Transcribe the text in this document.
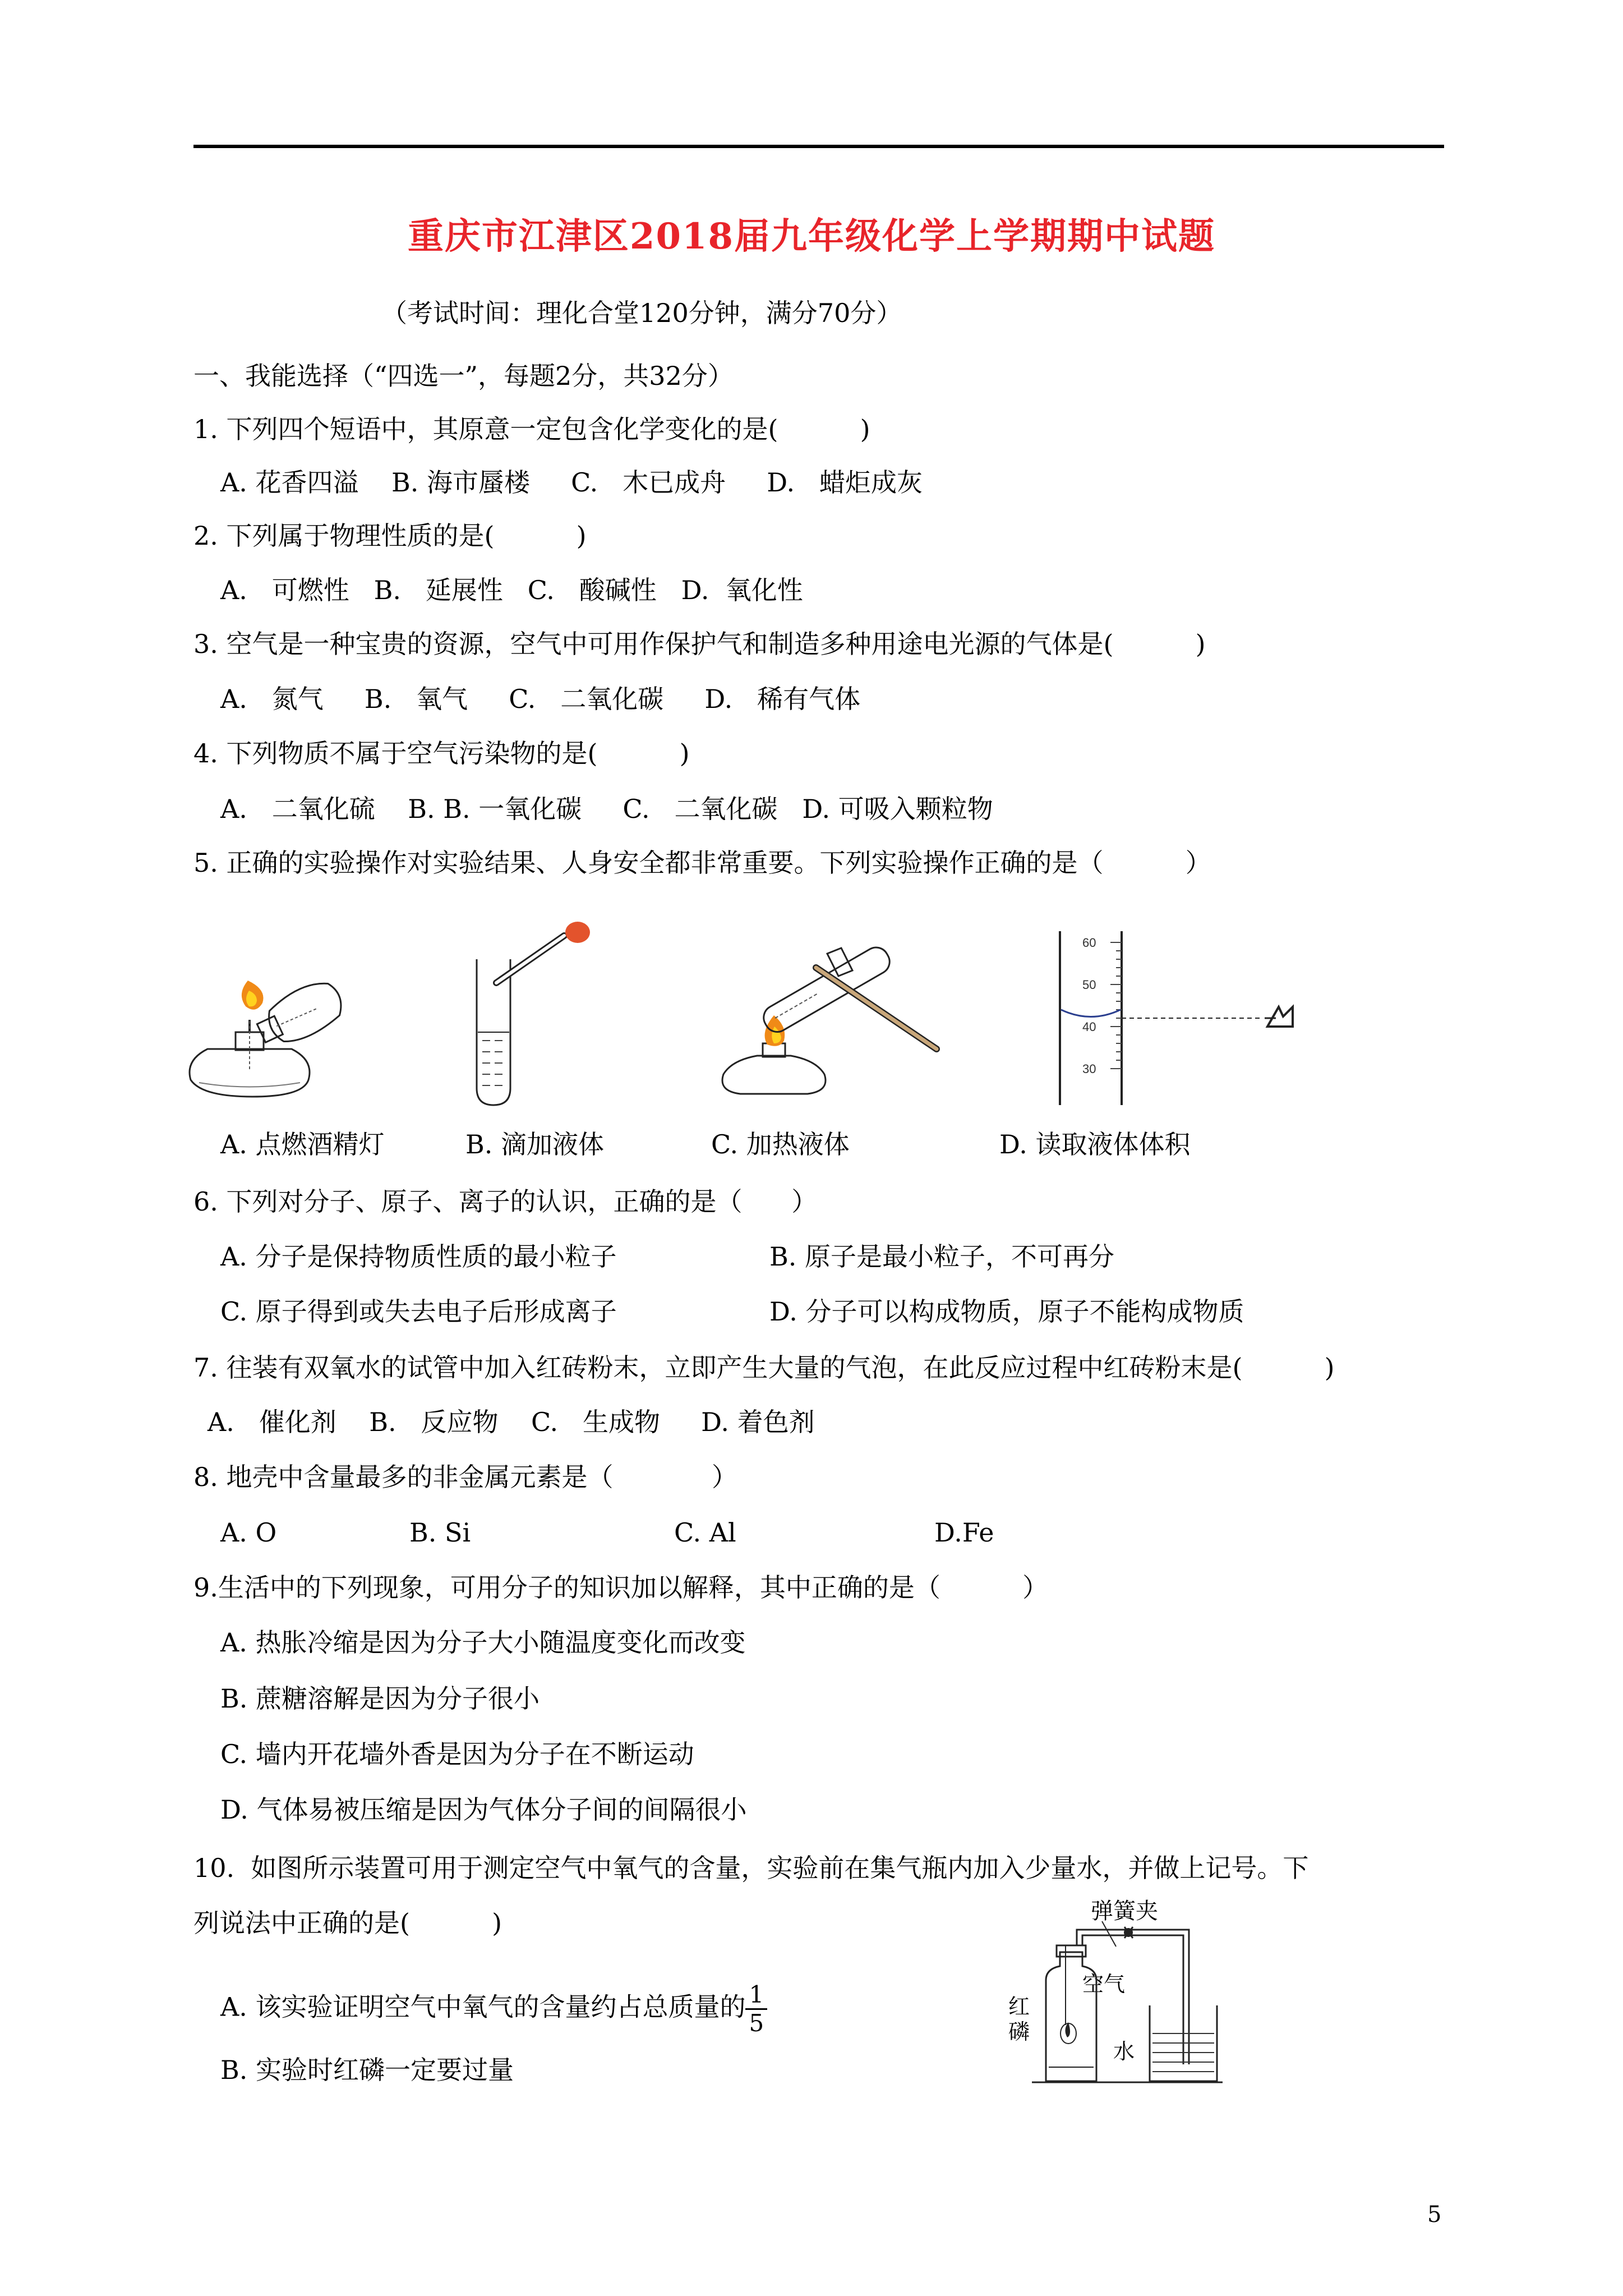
重庆市江津区2018届九年级化学上学期期中试题
（考试时间：理化合堂120分钟，满分70分）
一、我能选择（“四选一”，每题2分，共32分）
1. 下列四个短语中，其原意一定包含化学变化的是(          )
A. 花香四溢    B. 海市蜃楼     C.   木已成舟     D.   蜡炬成灰
2. 下列属于物理性质的是(          )
A.   可燃性   B.   延展性   C.   酸碱性   D.  氧化性
3. 空气是一种宝贵的资源，空气中可用作保护气和制造多种用途电光源的气体是(          )
A.   氮气     B.   氧气     C.   二氧化碳     D.   稀有气体
4. 下列物质不属于空气污染物的是(          )
A.   二氧化硫    B. B. 一氧化碳     C.   二氧化碳   D. 可吸入颗粒物
5. 正确的实验操作对实验结果、人身安全都非常重要。下列实验操作正确的是（          ）
60
50
40
30
A. 点燃酒精灯	B. 滴加液体	C. 加热液体	D. 读取液体体积
6. 下列对分子、原子、离子的认识，正确的是（      ）
A. 分子是保持物质性质的最小粒子	B. 原子是最小粒子，不可再分
C. 原子得到或失去电子后形成离子	D. 分子可以构成物质，原子不能构成物质
7. 往装有双氧水的试管中加入红砖粉末，立即产生大量的气泡，在此反应过程中红砖粉末是(          )
A.   催化剂    B.   反应物    C.   生成物     D. 着色剂
8. 地壳中含量最多的非金属元素是（            ）
A. O	B. Si	C. Al	D.Fe
9.生活中的下列现象，可用分子的知识加以解释，其中正确的是（          ）
A. 热胀冷缩是因为分子大小随温度变化而改变
B. 蔗糖溶解是因为分子很小
C. 墙内开花墙外香是因为分子在不断运动
D. 气体易被压缩是因为气体分子间的间隔很小
10.  如图所示装置可用于测定空气中氧气的含量，实验前在集气瓶内加入少量水，并做上记号。下
列说法中正确的是(          )
A. 该实验证明空气中氧气的含量约占总质量的 $\frac{1}{5}$
B. 实验时红磷一定要过量
弹簧夹
空气
红
磷
水
5
